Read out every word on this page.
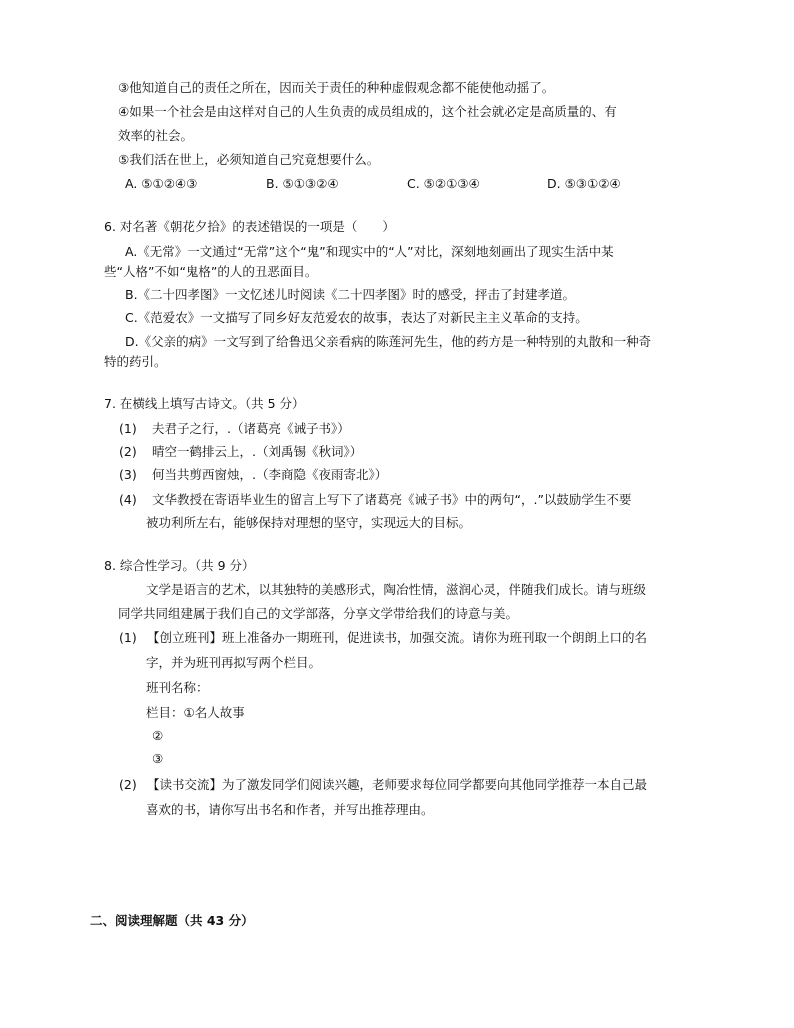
③他知道自己的责任之所在，因而关于责任的种种虚假观念都不能使他动摇了。
④如果一个社会是由这样对自己的人生负责的成员组成的，这个社会就必定是高质量的、有
效率的社会。
⑤我们活在世上，必须知道自己究竟想要什么。
A. ⑤①②④③	B. ⑤①③②④	C. ⑤②①③④	D. ⑤③①②④
6. 对名著《朝花夕拾》的表述错误的一项是（　　）
A.《无常》一文通过“无常”这个“鬼”和现实中的“人”对比，深刻地刻画出了现实生活中某
些“人格”不如“鬼格”的人的丑恶面目。
B.《二十四孝图》一文忆述儿时阅读《二十四孝图》时的感受，抨击了封建孝道。
C.《范爱农》一文描写了同乡好友范爱农的故事，表达了对新民主主义革命的支持。
D.《父亲的病》一文写到了给鲁迅父亲看病的陈莲河先生，他的药方是一种特别的丸散和一种奇
特的药引。
7. 在横线上填写古诗文。（共 5 分）
(1) 夫君子之行，.（诸葛亮《诫子书》）
(2) 晴空一鹤排云上，.（刘禹锡《秋词》）
(3) 何当共剪西窗烛，.（李商隐《夜雨寄北》）
(4) 文华教授在寄语毕业生的留言上写下了诸葛亮《诫子书》中的两句“，.”以鼓励学生不要
被功利所左右，能够保持对理想的坚守，实现远大的目标。
8. 综合性学习。（共 9 分）
文学是语言的艺术，以其独特的美感形式，陶冶性情，滋润心灵，伴随我们成长。请与班级
同学共同组建属于我们自己的文学部落，分享文学带给我们的诗意与美。
(1) 【创立班刊】班上准备办一期班刊，促进读书，加强交流。请你为班刊取一个朗朗上口的名
字，并为班刊再拟写两个栏目。
班刊名称：
栏目：①名人故事
②
③
(2) 【读书交流】为了激发同学们阅读兴趣，老师要求每位同学都要向其他同学推荐一本自己最
喜欢的书，请你写出书名和作者，并写出推荐理由。
二、阅读理解题（共 43 分）
